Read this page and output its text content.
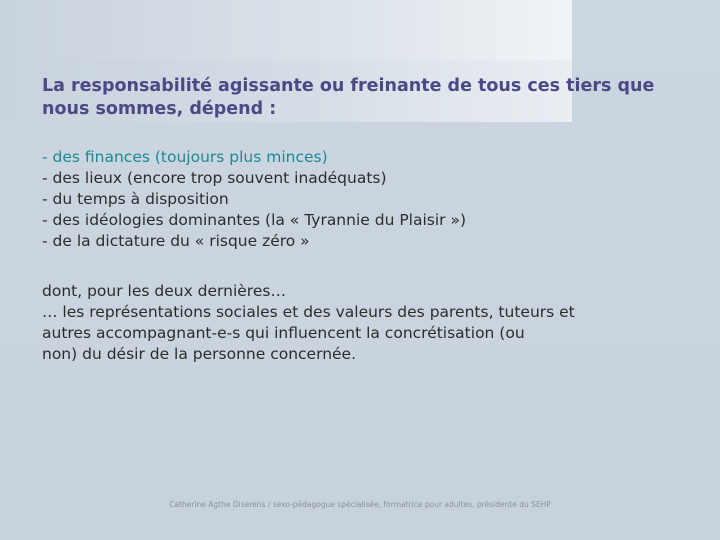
La responsabilité agissante ou freinante de tous ces tiers que
nous sommes, dépend :
- des finances (toujours plus minces)
- des lieux (encore trop souvent inadéquats)
- du temps à disposition
- des idéologies dominantes (la « Tyrannie du Plaisir »)
- de la dictature du « risque zéro »

dont, pour les deux dernières…
… les représentations sociales et des valeurs des parents, tuteurs et
autres accompagnant-e-s qui influencent la concrétisation (ou
non) du désir de la personne concernée.

Catherine Agthe Diserens / sexo-pédagogue spécialisée, formatrice pour adultes, présidente du SEHP
